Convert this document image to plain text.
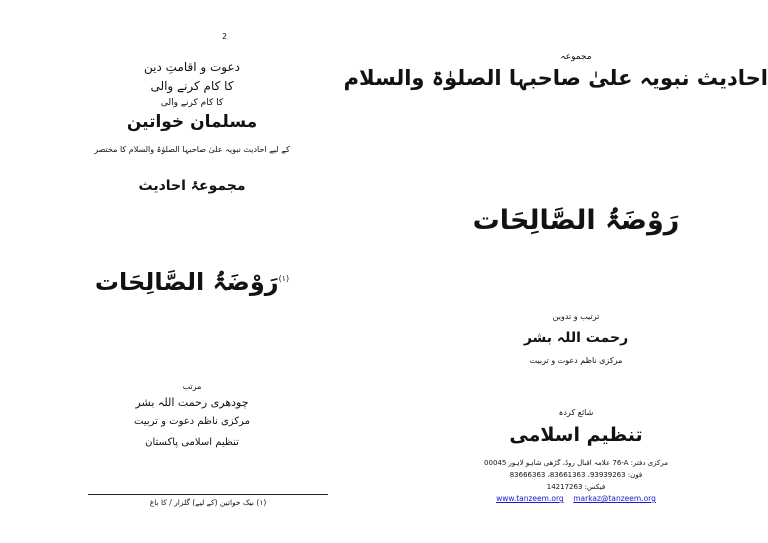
2
دعوت و اقامتِ دین
کا کام کرنے والی
کا کام کرنے والی
مسلمان خواتین
کے لیے احادیث نبویہ علیٰ صاحبہا الصلوٰۃ والسلام کا مختصر
مجموعۂ احادیث
$^{(۱)}$رَوْضَۃُ الصَّالِحَات
مرتب
چودھری رحمت اللہ بشر
مرکزی ناظم دعوت و تربیت
تنظیم اسلامی پاکستان
(۱) نیک خواتین (کے لیے) گلزار / کا باغ
مجموعہ
احادیث نبویہ علیٰ صاحبہا الصلوٰۃ والسلام
رَوْضَۃُ الصَّالِحَات
ترتیب و تدوین
رحمت اللہ بشر
مرکزی ناظم دعوت و تربیت
شائع کردہ
تنظیم اسلامی
مرکزی دفتر: A-67 علامہ اقبال روڈ، گڑھی شاہو لاہور 54000
فون: 36293939، 36316638، 36366638
فیکس: 36271241
www.tanzeem.org markaz@tanzeem.org
